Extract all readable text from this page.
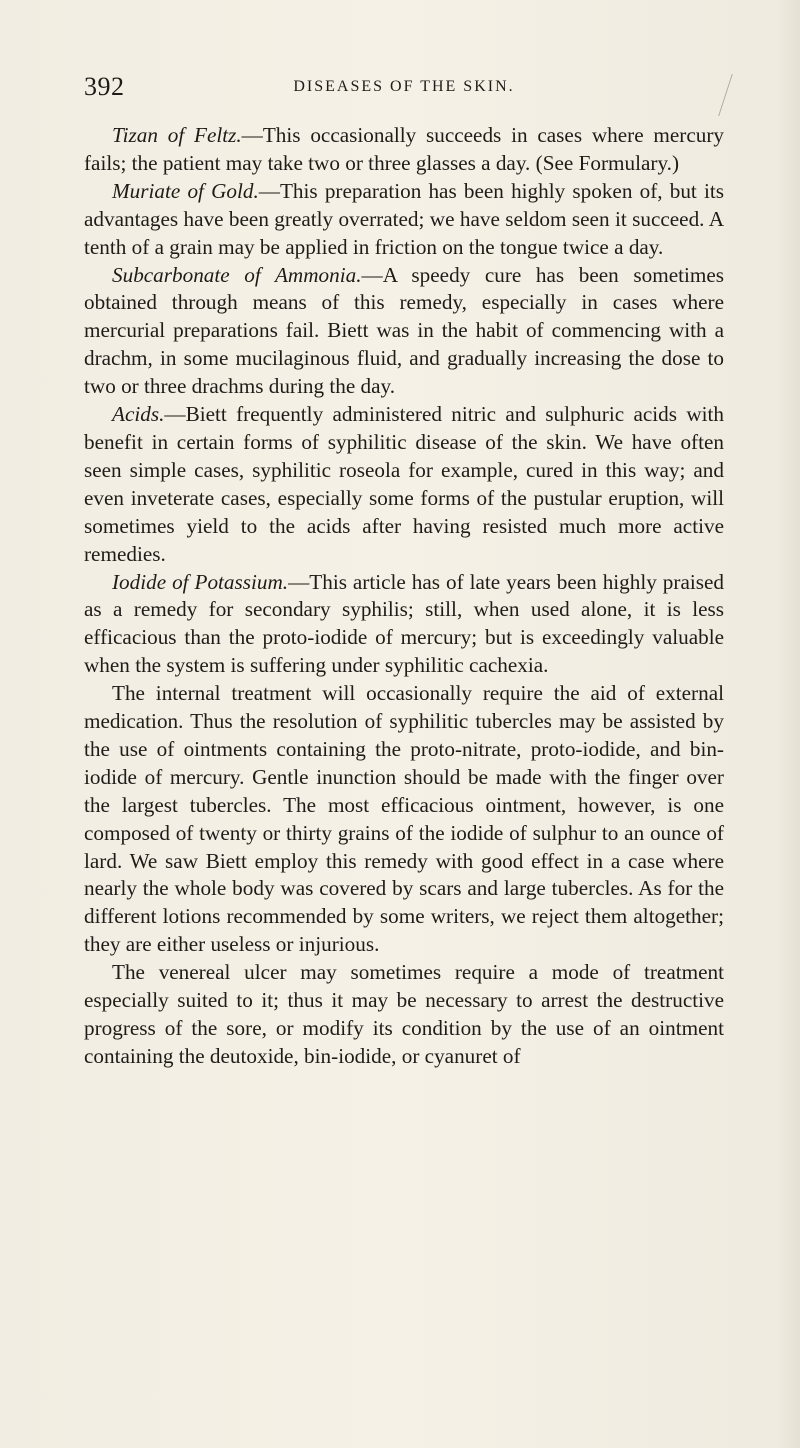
392	DISEASES OF THE SKIN.

Tizan of Feltz.—This occasionally succeeds in cases where mercury fails; the patient may take two or three glasses a day. (See Formulary.)

Muriate of Gold.—This preparation has been highly spoken of, but its advantages have been greatly overrated; we have seldom seen it succeed. A tenth of a grain may be applied in friction on the tongue twice a day.

Subcarbonate of Ammonia.—A speedy cure has been sometimes obtained through means of this remedy, especially in cases where mercurial preparations fail. Biett was in the habit of commencing with a drachm, in some mucilaginous fluid, and gradually increasing the dose to two or three drachms during the day.

Acids.—Biett frequently administered nitric and sulphuric acids with benefit in certain forms of syphilitic disease of the skin. We have often seen simple cases, syphilitic roseola for example, cured in this way; and even inveterate cases, especially some forms of the pustular eruption, will sometimes yield to the acids after having resisted much more active remedies.

Iodide of Potassium.—This article has of late years been highly praised as a remedy for secondary syphilis; still, when used alone, it is less efficacious than the proto-iodide of mercury; but is exceedingly valuable when the system is suffering under syphilitic cachexia.

The internal treatment will occasionally require the aid of external medication. Thus the resolution of syphilitic tubercles may be assisted by the use of ointments containing the proto-nitrate, proto-iodide, and bin-iodide of mercury. Gentle inunction should be made with the finger over the largest tubercles. The most efficacious ointment, however, is one composed of twenty or thirty grains of the iodide of sulphur to an ounce of lard. We saw Biett employ this remedy with good effect in a case where nearly the whole body was covered by scars and large tubercles. As for the different lotions recommended by some writers, we reject them altogether; they are either useless or injurious.

The venereal ulcer may sometimes require a mode of treatment especially suited to it; thus it may be necessary to arrest the destructive progress of the sore, or modify its condition by the use of an ointment containing the deutoxide, bin-iodide, or cyanuret of
